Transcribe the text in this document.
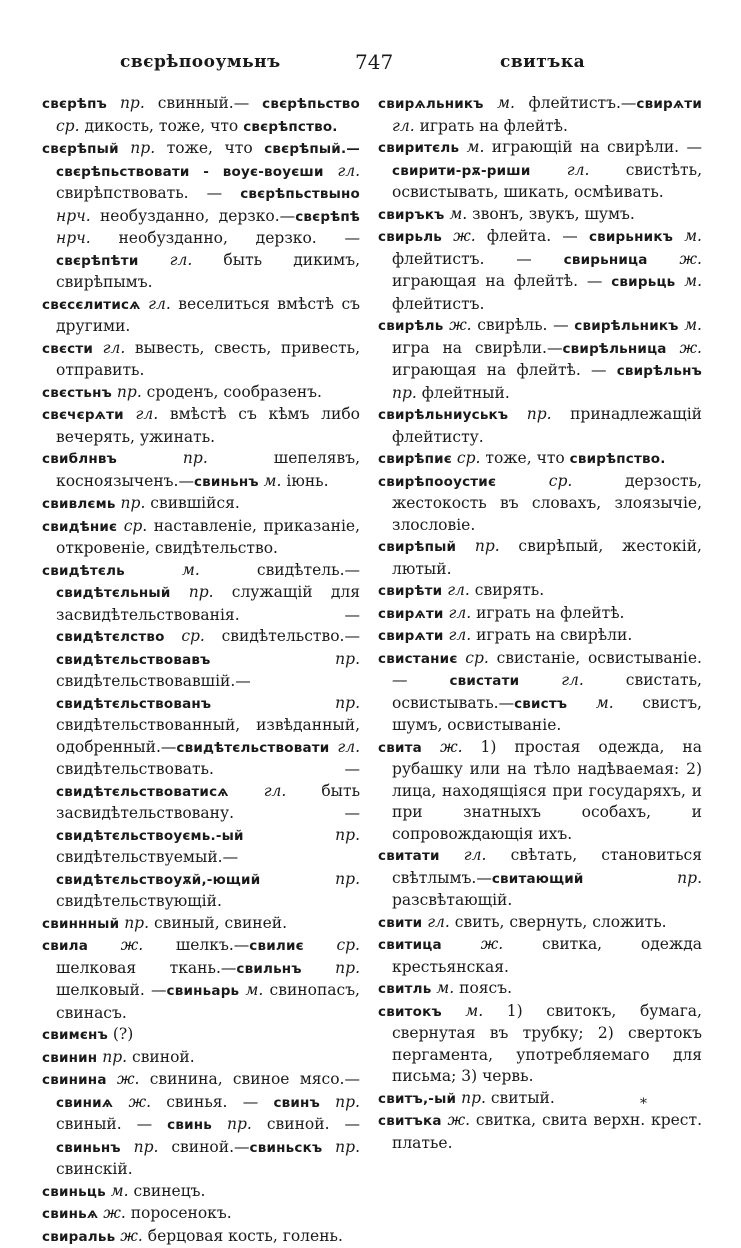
свєрѣпооумьнъ	747	свитъка
свєрѣпъ пр. свинный.— свєрѣпьство ср. дикость, тоже, что свєрѣпство.
свєрѣпый пр. тоже, что свєрѣпый.— свєрѣпьствовати - воує-воуєши гл. свирѣпствовать. — свєрѣпьствыно нрч. необузданно, дерзко.—свєрѣпѣ нрч. необузданно, дерзко. — свєрѣпѣти гл. быть дикимъ, свирѣпымъ.
свєсєлитисѧ гл. веселиться вмѣстѣ съ другими.
свєсти гл. вывесть, свесть, привесть, отправить.
свєстьнъ пр. сроденъ, сообразенъ.
свєчєрѧти гл. вмѣстѣ съ кѣмъ либо вечерять, ужинать.
свиблнвъ пр. шепелявъ, косноязыченъ.—свиньнъ м. іюнь.
свивлємь пр. свившійся.
свидѣниє ср. наставленіе, приказаніе, откровеніе, свидѣтельство.
свидѣтєль м. свидѣтель.—свидѣтєльный пр. служащій для засвидѣтельствованія. — свидѣтєлство ср. свидѣтельство.—свидѣтєльствовавъ пр. свидѣтельствовавшій.— свидѣтєльствованъ пр. свидѣтельствованный, извѣданный, одобренный.—свидѣтєльствовати гл. свидѣтельствовать. —свидѣтєльствоватисѧ гл. быть засвидѣтельствовану. — свидѣтєльствоуємь.-ый пр. свидѣтельствуемый.—свидѣтєльствоуѫй,-ющий пр. свидѣтельствующій.
свиннный пр. свиный, свиней.
свила ж. шелкъ.—свилиє ср. шелковая ткань.—свильнъ пр. шелковый. —свиньарь м. свинопасъ, свинасъ.
свимєнъ (?)
свинин пр. свиной.
свинина ж. свинина, свиное мясо.— свиниѧ ж. свинья. — свинъ пр. свиный. — свинь пр. свиной. — свиньнъ пр. свиной.—свиньскъ пр. свинскій.
свиньць м. свинецъ.
свиньѧ ж. поросенокъ.
свиральь ж. берцовая кость, голень.
свирѧльникъ м. флейтистъ.—свирѧти гл. играть на флейтѣ.
свиритєль м. играющій на свирѣли. — свирити-рѫ-риши гл. свистѣть, освистывать, шикать, осмѣивать.
свиръкъ м. звонъ, звукъ, шумъ.
свирьль ж. флейта. — свирьникъ м. флейтистъ. — свирьница ж. играющая на флейтѣ. — свирьць м. флейтистъ.
свирѣль ж. свирѣль. — свирѣльникъ м. игра на свирѣли.—свирѣльница ж. играющая на флейтѣ. — свирѣльнъ пр. флейтный.
свирѣльниуськъ пр. принадлежащій флейтисту.
свирѣпиє ср. тоже, что свирѣпство.
свирѣпооустиє ср. дерзость, жестокость въ словахъ, злоязычіе, злословіе.
свирѣпый пр. свирѣпый, жестокій, лютый.
свирѣти гл. свирять.
свирѧти гл. играть на флейтѣ.
свирѧти гл. играть на свирѣли.
свистаниє ср. свистаніе, освистываніе. — свистати гл. свистать, освистывать.—свистъ м. свистъ, шумъ, освистываніе.
свита ж. 1) простая одежда, на рубашку или на тѣло надѣваемая: 2) лица, находящіяся при государяхъ, и при знатныхъ особахъ, и сопровождающія ихъ.
свитати гл. свѣтать, становиться свѣтлымъ.—свитающий пр. разсвѣтающій.
свити гл. свить, свернуть, сложить.
свитица ж. свитка, одежда крестьянская.
свитль м. поясъ.
свитокъ м. 1) свитокъ, бумага, свернутая въ трубку; 2) свертокъ пергамента, употребляемаго для письма; 3) червь.
свитъ,-ый пр. свитый.
свитъка ж. свитка, свита верхн. крест. платье.
*
